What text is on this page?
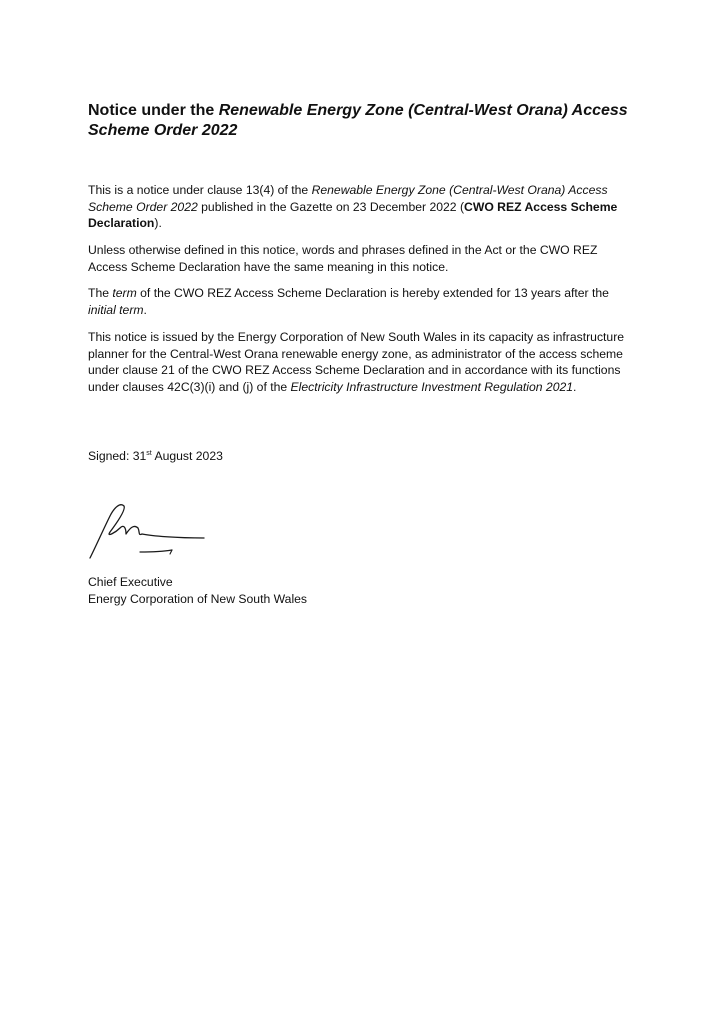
Notice under the Renewable Energy Zone (Central-West Orana) Access Scheme Order 2022

This is a notice under clause 13(4) of the Renewable Energy Zone (Central-West Orana) Access Scheme Order 2022 published in the Gazette on 23 December 2022 (CWO REZ Access Scheme Declaration).

Unless otherwise defined in this notice, words and phrases defined in the Act or the CWO REZ Access Scheme Declaration have the same meaning in this notice.

The term of the CWO REZ Access Scheme Declaration is hereby extended for 13 years after the initial term.

This notice is issued by the Energy Corporation of New South Wales in its capacity as infrastructure planner for the Central-West Orana renewable energy zone, as administrator of the access scheme under clause 21 of the CWO REZ Access Scheme Declaration and in accordance with its functions under clauses 42C(3)(i) and (j) of the Electricity Infrastructure Investment Regulation 2021.

Signed: 31st August 2023

Chief Executive
Energy Corporation of New South Wales
